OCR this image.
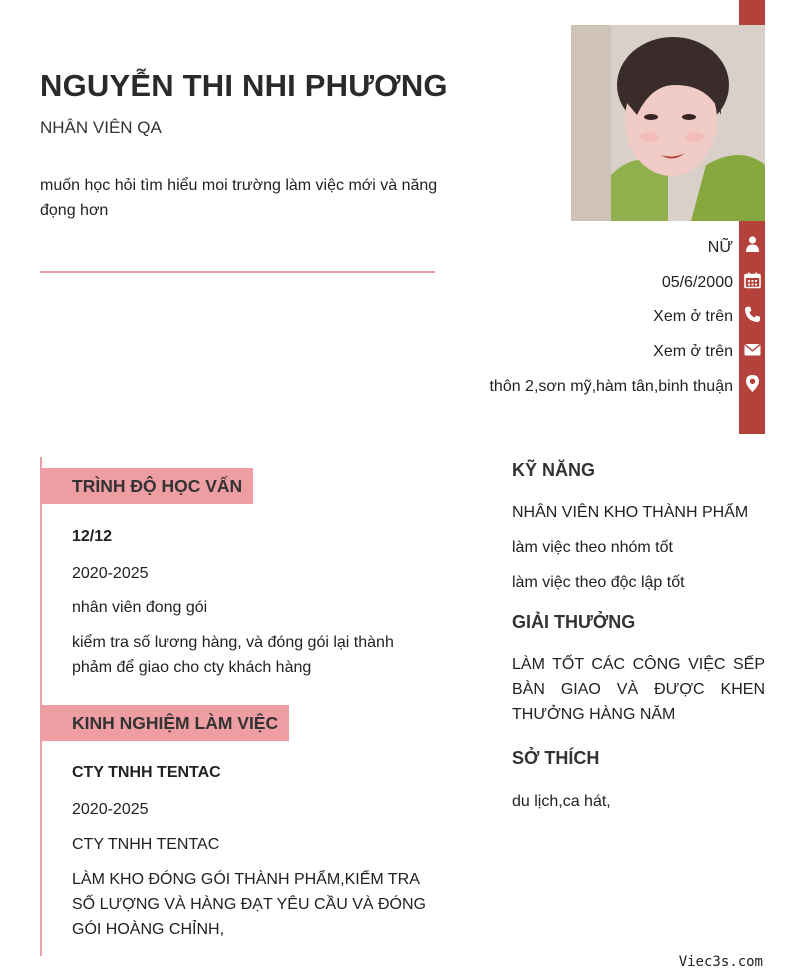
NGUYỄN THI NHI PHƯƠNG
NHÂN VIÊN QA
muốn học hỏi tìm hiểu moi trường làm việc mới và năng đọng hơn
NỮ
05/6/2000
Xem ở trên
Xem ở trên
thôn 2,sơn mỹ,hàm tân,binh thuận
TRÌNH ĐỘ HỌC VẤN
12/12
2020-2025
nhân viên đong gói
kiểm tra số lương hàng, và đóng gói lại thành phảm để giao cho cty khách hàng
KINH NGHIỆM LÀM VIỆC
CTY TNHH TENTAC
2020-2025
CTY TNHH TENTAC
LÀM KHO ĐÓNG GÓI THÀNH PHẨM,KIỂM TRA SỐ LƯỢNG VÀ HÀNG ĐẠT YÊU CẦU VÀ ĐÓNG GÓI HOÀNG CHỈNH,
KỸ NĂNG
NHÂN VIÊN KHO THÀNH PHẨM
làm việc theo nhóm tốt
làm việc theo độc lập tốt
GIẢI THƯỞNG
LÀM TỐT CÁC CÔNG VIỆC SẾP BÀN GIAO VÀ ĐƯỢC KHEN THƯỞNG HÀNG NĂM
SỞ THÍCH
du lịch,ca hát,
Viec3s.com
